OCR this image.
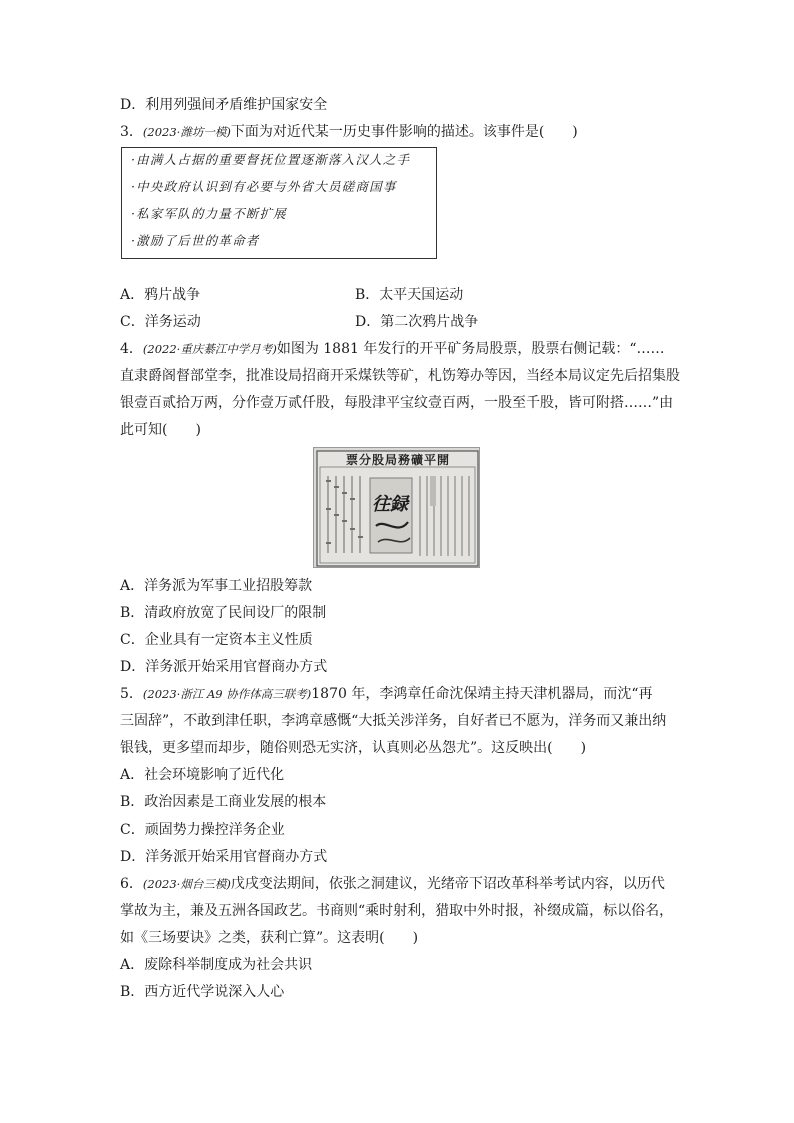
D．利用列强间矛盾维护国家安全
3．(2023·潍坊一模)下面为对近代某一历史事件影响的描述。该事件是(　　)
·由满人占据的重要督抚位置逐渐落入汉人之手
·中央政府认识到有必要与外省大员磋商国事
·私家军队的力量不断扩展
·激励了后世的革命者
A．鸦片战争	B．太平天国运动
C．洋务运动	D．第二次鸦片战争
4．(2022·重庆綦江中学月考)如图为 1881 年发行的开平矿务局股票，股票右侧记载：“……
直隶爵阁督部堂李，批准设局招商开采煤铁等矿，札饬筹办等因，当经本局议定先后招集股
银壹百贰拾万两，分作壹万贰仟股，每股津平宝纹壹百两，一股至千股，皆可附搭……”由
此可知(　　)
票分股局務礦平開
往録
A．洋务派为军事工业招股筹款
B．清政府放宽了民间设厂的限制
C．企业具有一定资本主义性质
D．洋务派开始采用官督商办方式
5．(2023·浙江 A9 协作体高三联考)1870 年，李鸿章任命沈保靖主持天津机器局，而沈“再
三固辞”，不敢到津任职，李鸿章感慨“大抵关涉洋务，自好者已不愿为，洋务而又兼出纳
银钱，更多望而却步，随俗则恐无实济，认真则必丛怨尤”。这反映出(　　)
A．社会环境影响了近代化
B．政治因素是工商业发展的根本
C．顽固势力操控洋务企业
D．洋务派开始采用官督商办方式
6．(2023·烟台三模)戊戌变法期间，依张之洞建议，光绪帝下诏改革科举考试内容，以历代
掌故为主，兼及五洲各国政艺。书商则“乘时射利，猎取中外时报，补缀成篇，标以俗名，
如《三场要诀》之类，获利亡算”。这表明(　　)
A．废除科举制度成为社会共识
B．西方近代学说深入人心
